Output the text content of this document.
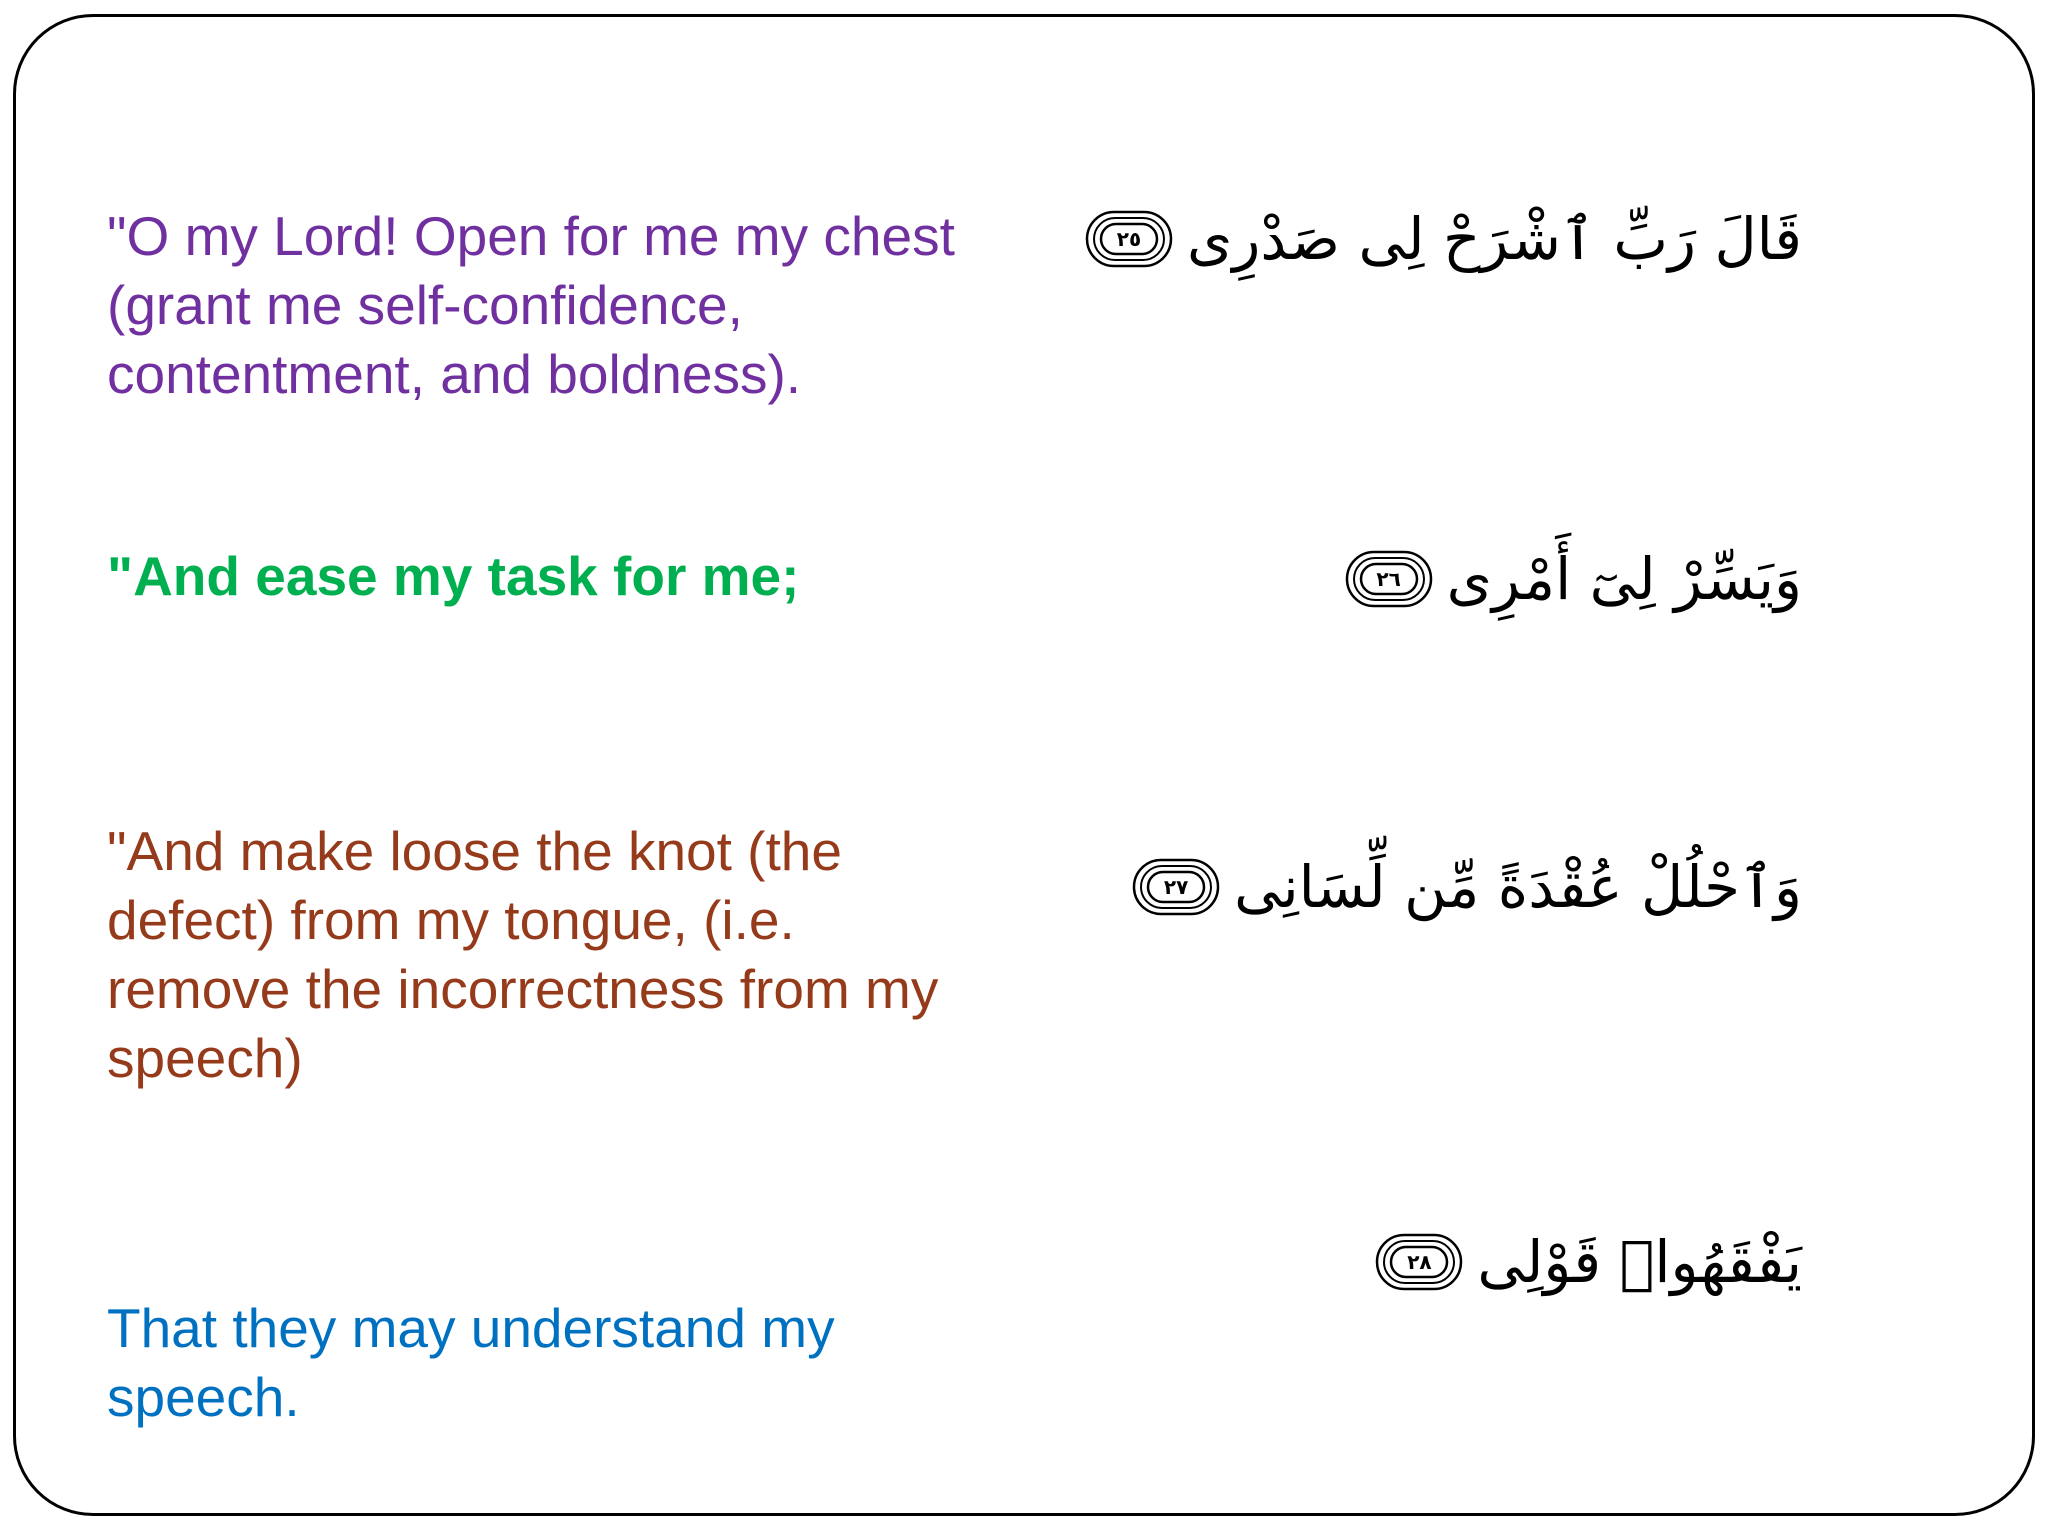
"O my Lord! Open for me my chest
(grant me self-confidence,
contentment, and boldness).

٢٥ قَالَ رَبِّ ٱشْرَحْ لِى صَدْرِى

"And ease my task for me;	٢٦ وَيَسِّرْ لِىٓ أَمْرِى

"And make loose the knot (the
defect) from my tongue, (i.e.
remove the incorrectness from my
speech)

٢٧ وَٱحْلُلْ عُقْدَةً مِّن لِّسَانِى

That they may understand my
speech.

٢٨ يَفْقَهُوا۟ قَوْلِى
